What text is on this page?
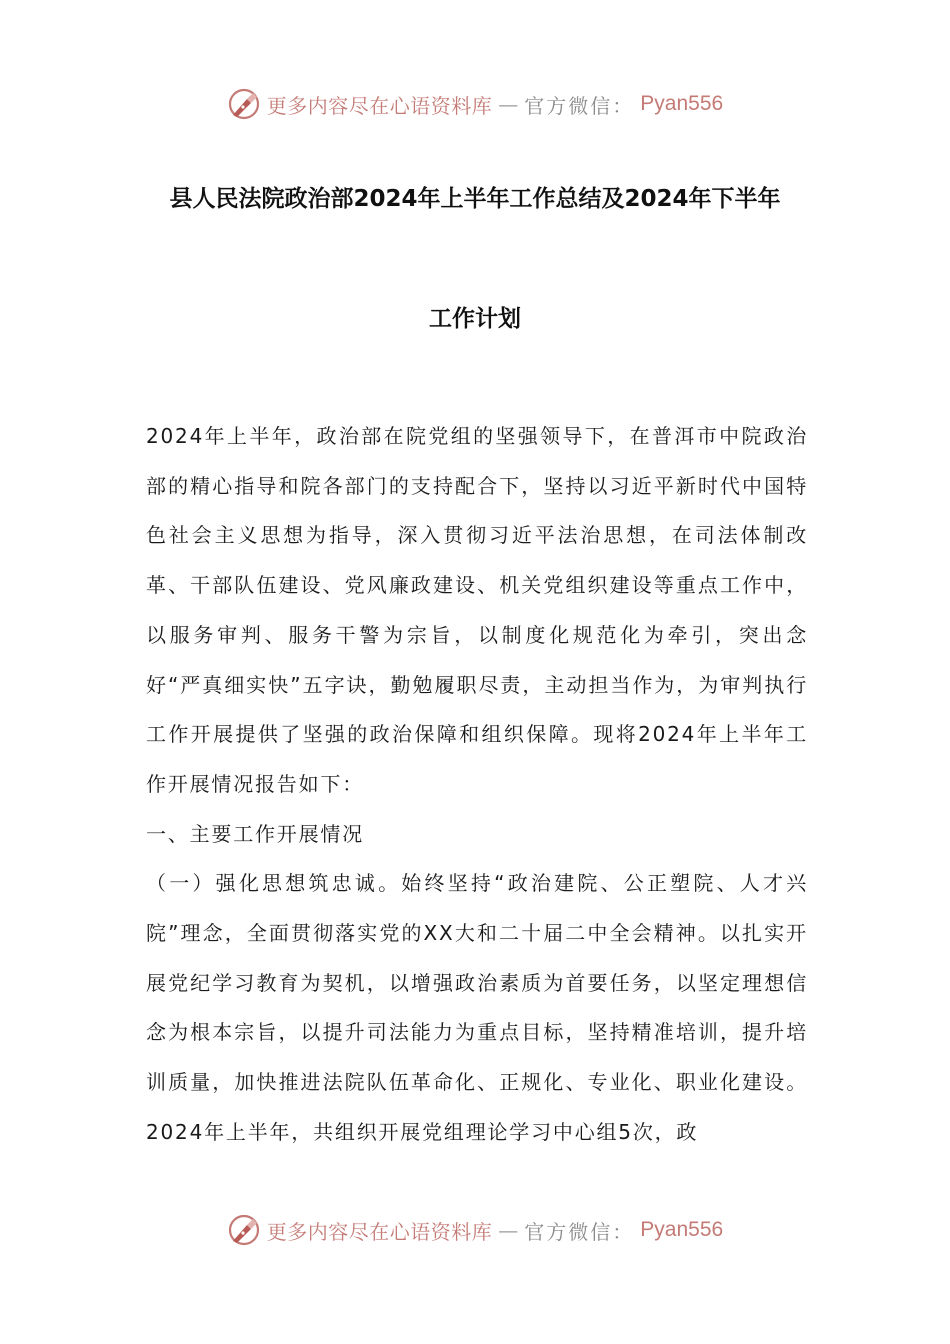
更多内容尽在心语资料库 — 官方微信： Pyan556
县人民法院政治部2024年上半年工作总结及2024年下半年
工作计划

2024年上半年，政治部在院党组的坚强领导下，在普洱市中院政治部的精心指导和院各部门的支持配合下，坚持以习近平新时代中国特色社会主义思想为指导，深入贯彻习近平法治思想，在司法体制改革、干部队伍建设、党风廉政建设、机关党组织建设等重点工作中，以服务审判、服务干警为宗旨，以制度化规范化为牵引，突出念好“严真细实快”五字诀，勤勉履职尽责，主动担当作为，为审判执行工作开展提供了坚强的政治保障和组织保障。现将2024年上半年工作开展情况报告如下：

一、主要工作开展情况

（一）强化思想筑忠诚。始终坚持“政治建院、公正塑院、人才兴院”理念，全面贯彻落实党的XX大和二十届二中全会精神。以扎实开展党纪学习教育为契机，以增强政治素质为首要任务，以坚定理想信念为根本宗旨，以提升司法能力为重点目标，坚持精准培训，提升培训质量，加快推进法院队伍革命化、正规化、专业化、职业化建设。2024年上半年，共组织开展党组理论学习中心组5次，政

更多内容尽在心语资料库 — 官方微信： Pyan556
